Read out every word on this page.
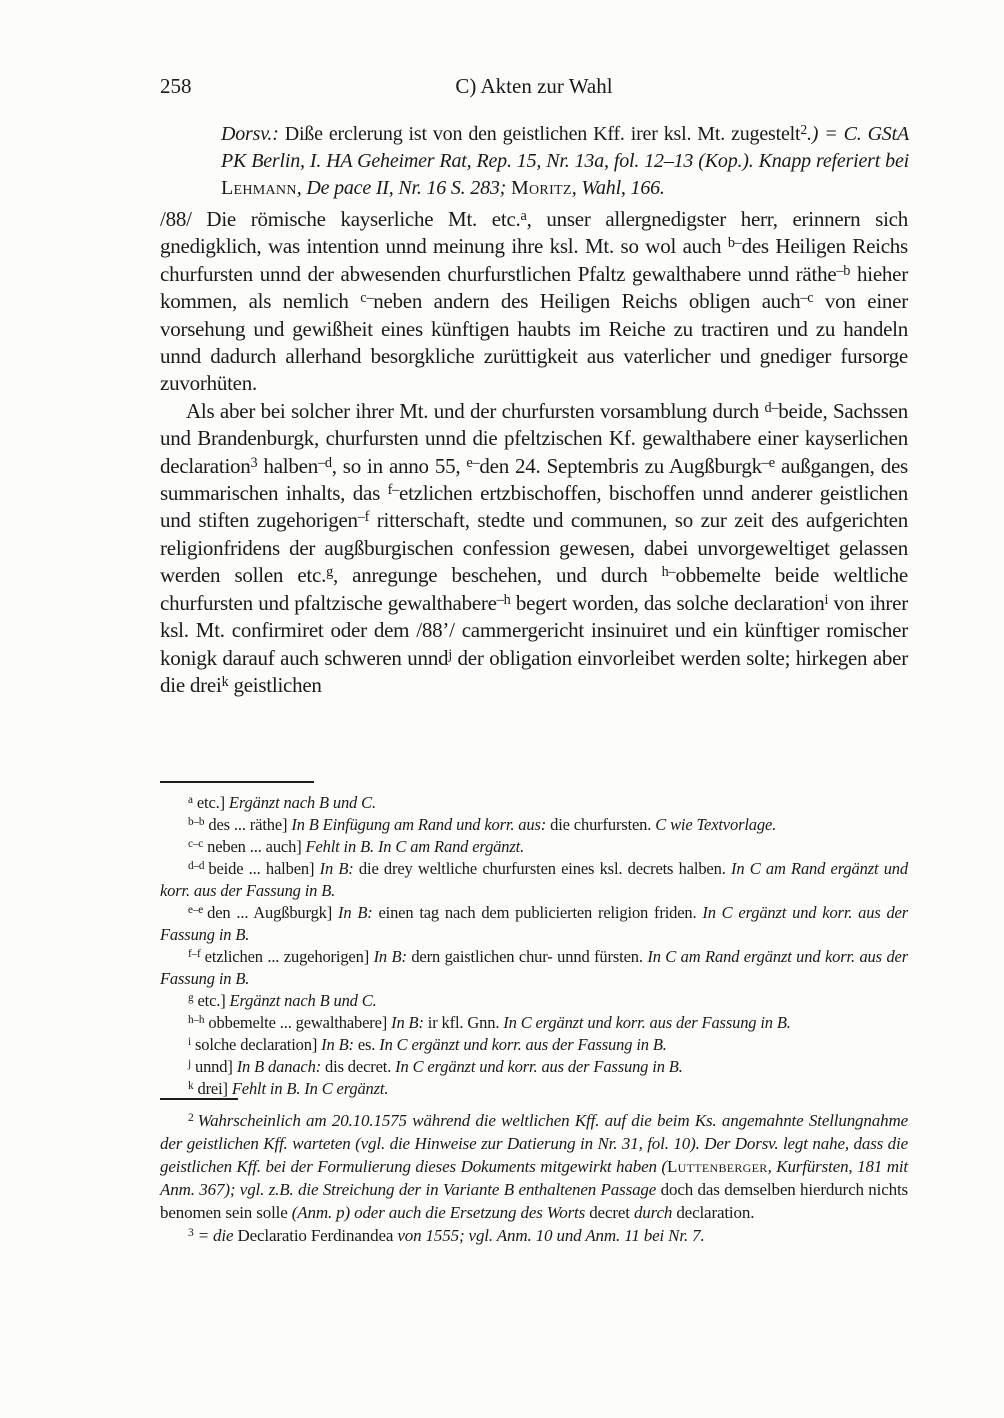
258	C) Akten zur Wahl
Dorsv.: Diße erclerung ist von den geistlichen Kff. irer ksl. Mt. zugestelt$^2$.) = C. GStA PK Berlin, I. HA Geheimer Rat, Rep. 15, Nr. 13a, fol. 12–13 (Kop.). Knapp referiert bei Lehmann, De pace II, Nr. 16 S. 283; Moritz, Wahl, 166.

/88/ Die römische kayserliche Mt. etc.$^a$, unser allergnedigster herr, erinnern sich gnedigklich, was intention unnd meinung ihre ksl. Mt. so wol auch $^{b-}$des Heiligen Reichs churfursten unnd der abwesenden churfurstlichen Pfaltz gewalthabere unnd räthe$^{-b}$ hieher kommen, als nemlich $^{c-}$neben andern des Heiligen Reichs obligen auch$^{-c}$ von einer vorsehung und gewißheit eines künftigen haubts im Reiche zu tractiren und zu handeln unnd dadurch allerhand besorgkliche zurüttigkeit aus vaterlicher und gnediger fursorge zuvorhüten.

Als aber bei solcher ihrer Mt. und der churfursten vorsamblung durch $^{d-}$beide, Sachssen und Brandenburgk, churfursten unnd die pfeltzischen Kf. gewalthabere einer kayserlichen declaration$^3$ halben$^{-d}$, so in anno 55, $^{e-}$den 24. Septembris zu Augßburgk$^{-e}$ außgangen, des summarischen inhalts, das $^{f-}$etzlichen ertzbischoffen, bischoffen unnd anderer geistlichen und stiften zugehorigen$^{-f}$ ritterschaft, stedte und communen, so zur zeit des aufgerichten religionfridens der augßburgischen confession gewesen, dabei unvorgeweltiget gelassen werden sollen etc.$^g$, anregunge beschehen, und durch $^{h-}$obbemelte beide weltliche churfursten und pfaltzische gewalthabere$^{-h}$ begert worden, das solche declaration$^i$ von ihrer ksl. Mt. confirmiret oder dem /88’/ cammergericht insinuiret und ein künftiger romischer konigk darauf auch schweren unnd$^j$ der obligation einvorleibet werden solte; hirkegen aber die drei$^k$ geistlichen

$^a$ etc.] Ergänzt nach B und C.

$^{b-b}$ des ... räthe] In B Einfügung am Rand und korr. aus: die churfursten. C wie Textvorlage.

$^{c-c}$ neben ... auch] Fehlt in B. In C am Rand ergänzt.

$^{d-d}$ beide ... halben] In B: die drey weltliche churfursten eines ksl. decrets halben. In C am Rand ergänzt und korr. aus der Fassung in B.

$^{e-e}$ den ... Augßburgk] In B: einen tag nach dem publicierten religion friden. In C ergänzt und korr. aus der Fassung in B.

$^{f-f}$ etzlichen ... zugehorigen] In B: dern gaistlichen chur- unnd fürsten. In C am Rand ergänzt und korr. aus der Fassung in B.

$^g$ etc.] Ergänzt nach B und C.

$^{h-h}$ obbemelte ... gewalthabere] In B: ir kfl. Gnn. In C ergänzt und korr. aus der Fassung in B.

$^i$ solche declaration] In B: es. In C ergänzt und korr. aus der Fassung in B.

$^j$ unnd] In B danach: dis decret. In C ergänzt und korr. aus der Fassung in B.

$^k$ drei] Fehlt in B. In C ergänzt.

$^2$ Wahrscheinlich am 20.10.1575 während die weltlichen Kff. auf die beim Ks. angemahnte Stellungnahme der geistlichen Kff. warteten (vgl. die Hinweise zur Datierung in Nr. 31, fol. 10). Der Dorsv. legt nahe, dass die geistlichen Kff. bei der Formulierung dieses Dokuments mitgewirkt haben (Luttenberger, Kurfürsten, 181 mit Anm. 367); vgl. z.B. die Streichung der in Variante B enthaltenen Passage doch das demselben hierdurch nichts benomen sein solle (Anm. p) oder auch die Ersetzung des Worts decret durch declaration.

$^3$ = die Declaratio Ferdinandea von 1555; vgl. Anm. 10 und Anm. 11 bei Nr. 7.
